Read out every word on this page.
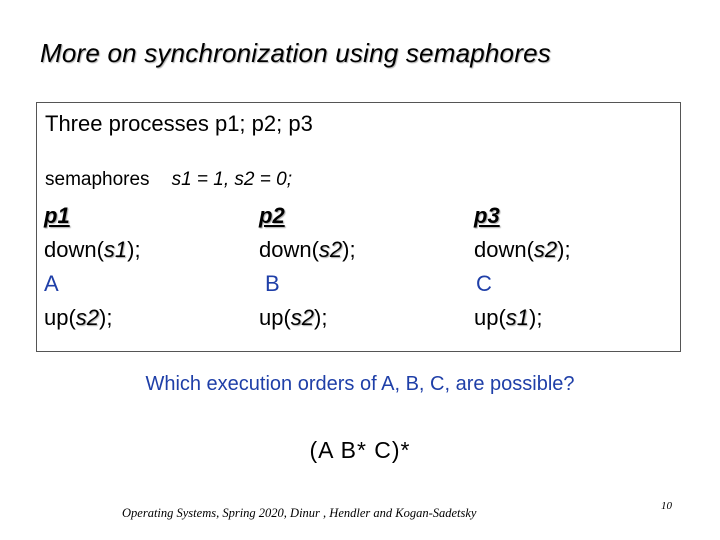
More on synchronization using semaphores
Three processes p1; p2; p3
semaphores s1 = 1, s2 = 0;
p1
down(s1);
A
up(s2);
p2
down(s2);
B
up(s2);
p3
down(s2);
C
up(s1);
Which execution orders of A, B, C, are possible?
(A B* C)*
Operating Systems, Spring 2020, Dinur , Hendler and Kogan-Sadetsky	10
